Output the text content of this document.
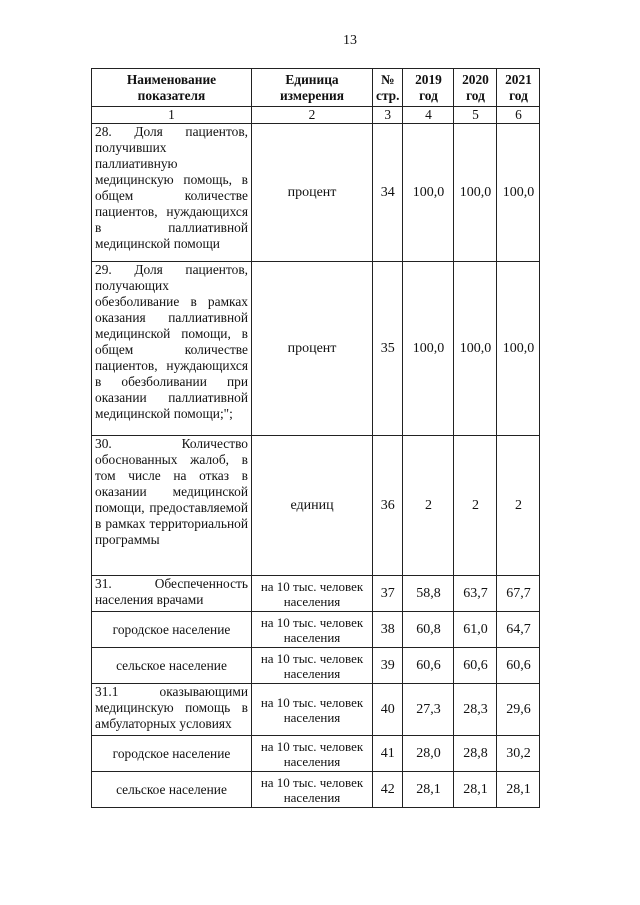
13
Наименование показателя	Единица измерения	№ стр.	2019 год	2020 год	2021 год
1	2	3	4	5	6
28. Доля пациентов, получивших паллиативную медицинскую помощь, в общем количестве пациентов, нуждающихся в паллиативной медицинской помощи	процент	34	100,0	100,0	100,0
29. Доля пациентов, получающих обезболивание в рамках оказания паллиативной медицинской помощи, в общем количестве пациентов, нуждающихся в обезболивании при оказании паллиативной медицинской помощи;";	процент	35	100,0	100,0	100,0
30. Количество обоснованных жалоб, в том числе на отказ в оказании медицинской помощи, предоставляемой в рамках территориальной программы	единиц	36	2	2	2
31. Обеспеченность населения врачами	на 10 тыс. человек населения	37	58,8	63,7	67,7
городское население	на 10 тыс. человек населения	38	60,8	61,0	64,7
сельское население	на 10 тыс. человек населения	39	60,6	60,6	60,6
31.1 оказывающими медицинскую помощь в амбулаторных условиях	на 10 тыс. человек населения	40	27,3	28,3	29,6
городское население	на 10 тыс. человек населения	41	28,0	28,8	30,2
сельское население	на 10 тыс. человек населения	42	28,1	28,1	28,1
